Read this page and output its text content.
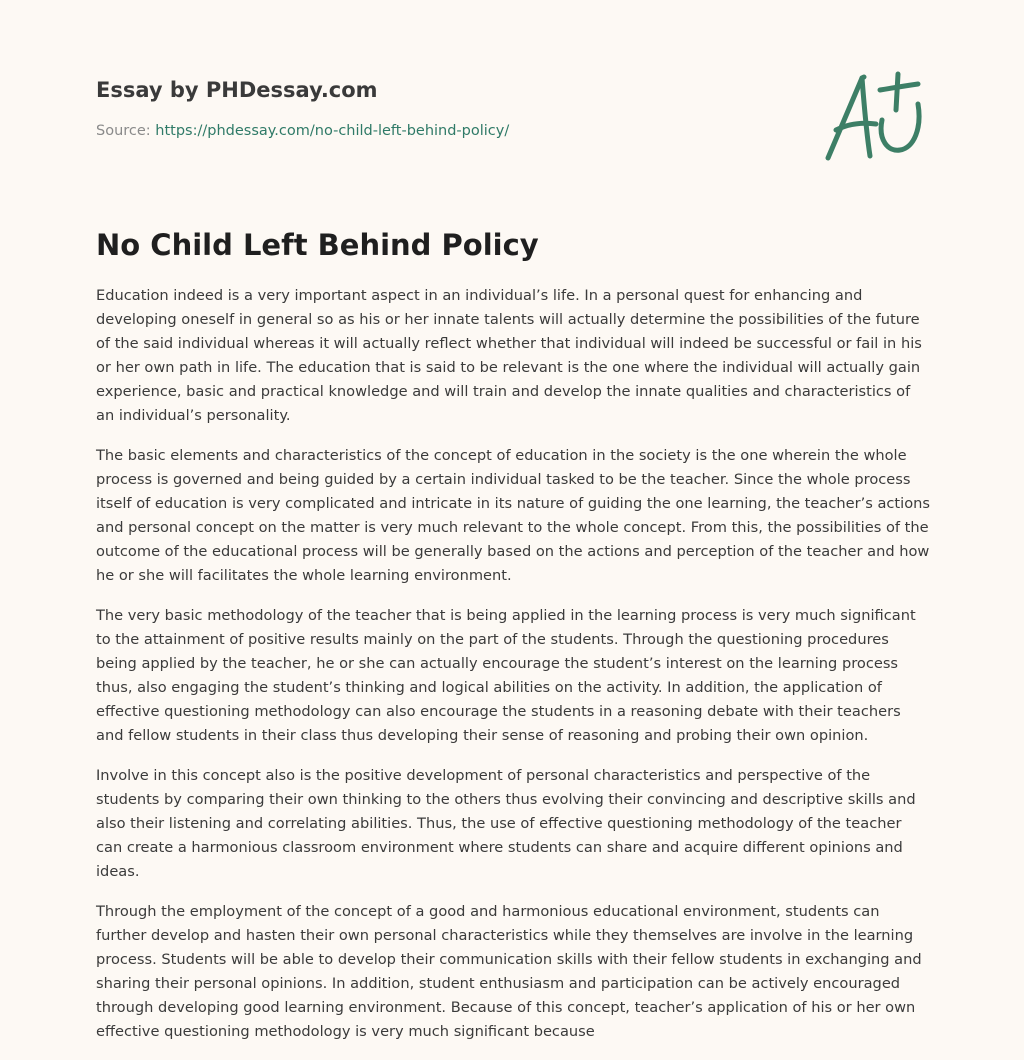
Essay by PHDessay.com
Source: https://phdessay.com/no-child-left-behind-policy/
No Child Left Behind Policy

Education indeed is a very important aspect in an individual’s life. In a personal quest for enhancing and developing oneself in general so as his or her innate talents will actually determine the possibilities of the future of the said individual whereas it will actually reflect whether that individual will indeed be successful or fail in his or her own path in life. The education that is said to be relevant is the one where the individual will actually gain experience, basic and practical knowledge and will train and develop the innate qualities and characteristics of an individual’s personality.

The basic elements and characteristics of the concept of education in the society is the one wherein the whole process is governed and being guided by a certain individual tasked to be the teacher. Since the whole process itself of education is very complicated and intricate in its nature of guiding the one learning, the teacher’s actions and personal concept on the matter is very much relevant to the whole concept. From this, the possibilities of the outcome of the educational process will be generally based on the actions and perception of the teacher and how he or she will facilitates the whole learning environment.

The very basic methodology of the teacher that is being applied in the learning process is very much significant to the attainment of positive results mainly on the part of the students. Through the questioning procedures being applied by the teacher, he or she can actually encourage the student’s interest on the learning process thus, also engaging the student’s thinking and logical abilities on the activity. In addition, the application of effective questioning methodology can also encourage the students in a reasoning debate with their teachers and fellow students in their class thus developing their sense of reasoning and probing their own opinion.

Involve in this concept also is the positive development of personal characteristics and perspective of the students by comparing their own thinking to the others thus evolving their convincing and descriptive skills and also their listening and correlating abilities. Thus, the use of effective questioning methodology of the teacher can create a harmonious classroom environment where students can share and acquire different opinions and ideas.

Through the employment of the concept of a good and harmonious educational environment, students can further develop and hasten their own personal characteristics while they themselves are involve in the learning process. Students will be able to develop their communication skills with their fellow students in exchanging and sharing their personal opinions. In addition, student enthusiasm and participation can be actively encouraged through developing good learning environment. Because of this concept, teacher’s application of his or her own effective questioning methodology is very much significant because
